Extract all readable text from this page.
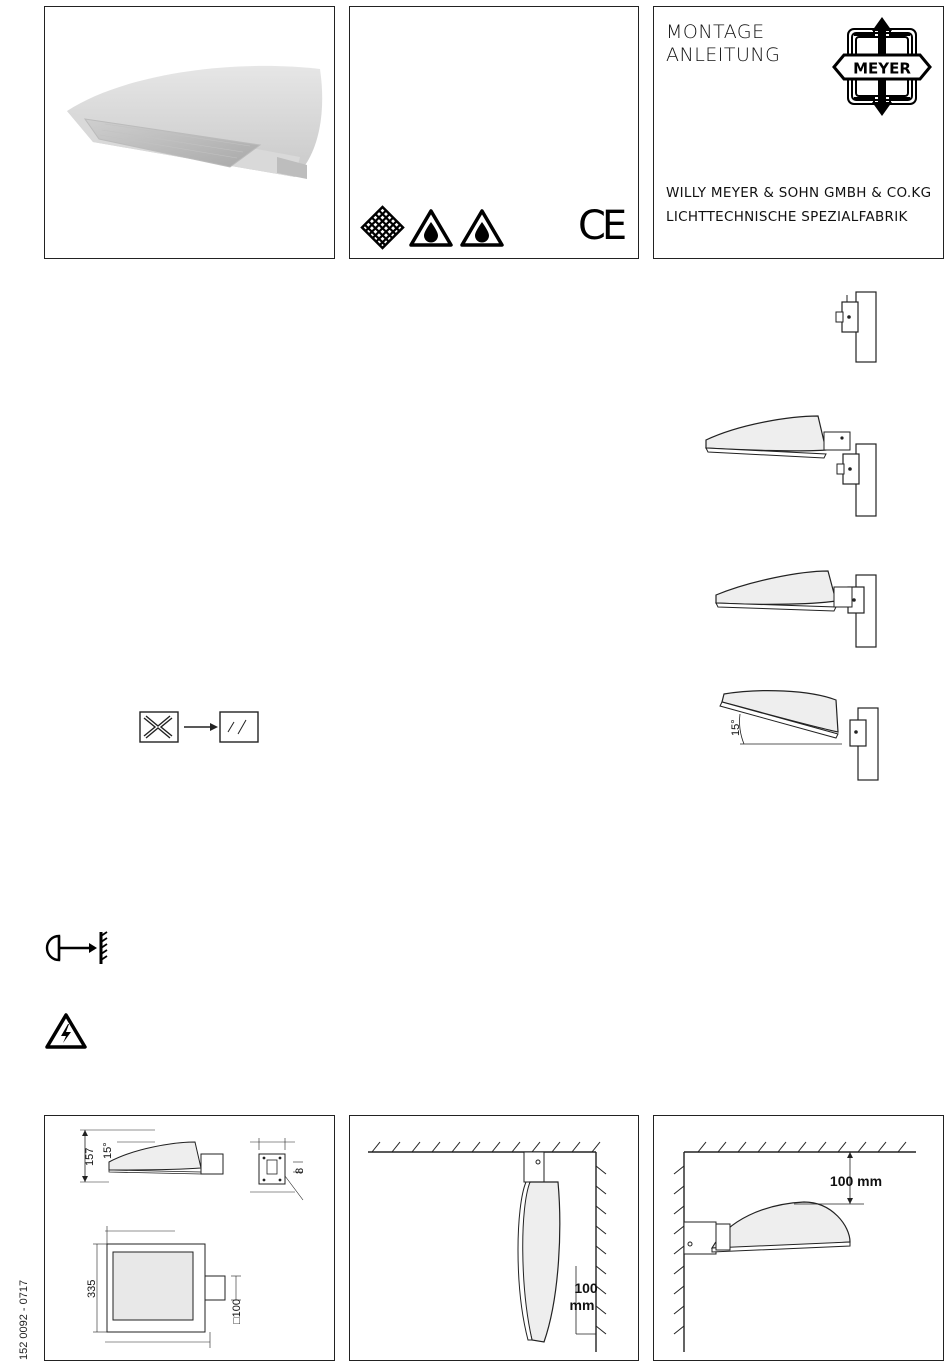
CE
MONTAGE
ANLEITUNG
MEYER
WILLY MEYER & SOHN GMBH & CO.KG
LICHTTECHNISCHE SPEZIALFABRIK
15°
157 15°
8
335
□100
100
mm
100 mm
152 0092 - 0717
